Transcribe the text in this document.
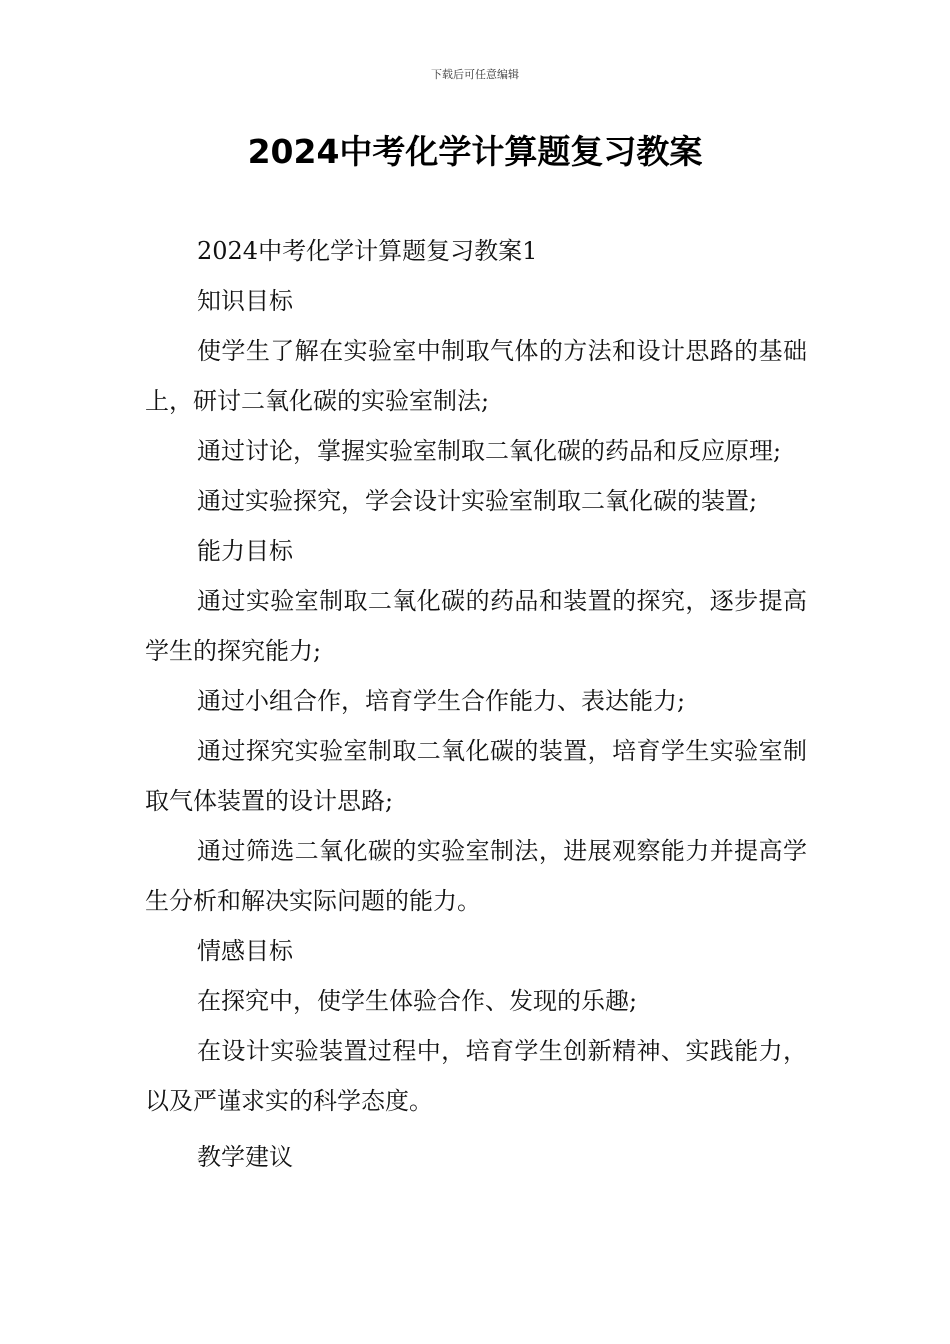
下载后可任意编辑
2024中考化学计算题复习教案

2024中考化学计算题复习教案1

知识目标

使学生了解在实验室中制取气体的方法和设计思路的基础上，研讨二氧化碳的实验室制法;

通过讨论，掌握实验室制取二氧化碳的药品和反应原理;

通过实验探究，学会设计实验室制取二氧化碳的装置;

能力目标

通过实验室制取二氧化碳的药品和装置的探究，逐步提高学生的探究能力;

通过小组合作，培育学生合作能力、表达能力;

通过探究实验室制取二氧化碳的装置，培育学生实验室制取气体装置的设计思路;

通过筛选二氧化碳的实验室制法，进展观察能力并提高学生分析和解决实际问题的能力。

情感目标

在探究中，使学生体验合作、发现的乐趣;

在设计实验装置过程中，培育学生创新精神、实践能力，以及严谨求实的科学态度。

教学建议
